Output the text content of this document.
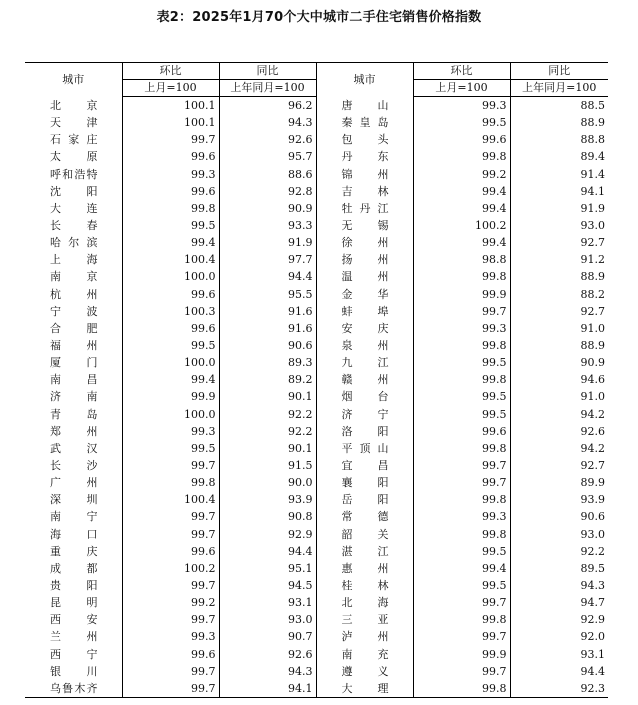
表2：2025年1月70个大中城市二手住宅销售价格指数
城市	环比	同比	城市	环比	同比
	上月=100	上年同月=100		上月=100	上年同月=100
北京	100.1	96.2	唐山	99.3	88.5
天津	100.1	94.3	秦皇岛	99.5	88.9
石家庄	99.7	92.6	包头	99.6	88.8
太原	99.6	95.7	丹东	99.8	89.4
呼和浩特	99.3	88.6	锦州	99.2	91.4
沈阳	99.6	92.8	吉林	99.4	94.1
大连	99.8	90.9	牡丹江	99.4	91.9
长春	99.5	93.3	无锡	100.2	93.0
哈尔滨	99.4	91.9	徐州	99.4	92.7
上海	100.4	97.7	扬州	98.8	91.2
南京	100.0	94.4	温州	99.8	88.9
杭州	99.6	95.5	金华	99.9	88.2
宁波	100.3	91.6	蚌埠	99.7	92.7
合肥	99.6	91.6	安庆	99.3	91.0
福州	99.5	90.6	泉州	99.8	88.9
厦门	100.0	89.3	九江	99.5	90.9
南昌	99.4	89.2	赣州	99.8	94.6
济南	99.9	90.1	烟台	99.5	91.0
青岛	100.0	92.2	济宁	99.5	94.2
郑州	99.3	92.2	洛阳	99.6	92.6
武汉	99.5	90.1	平顶山	99.8	94.2
长沙	99.7	91.5	宜昌	99.7	92.7
广州	99.8	90.0	襄阳	99.7	89.9
深圳	100.4	93.9	岳阳	99.8	93.9
南宁	99.7	90.8	常德	99.3	90.6
海口	99.7	92.9	韶关	99.8	93.0
重庆	99.6	94.4	湛江	99.5	92.2
成都	100.2	95.1	惠州	99.4	89.5
贵阳	99.7	94.5	桂林	99.5	94.3
昆明	99.2	93.1	北海	99.7	94.7
西安	99.7	93.0	三亚	99.8	92.9
兰州	99.3	90.7	泸州	99.7	92.0
西宁	99.6	92.6	南充	99.9	93.1
银川	99.7	94.3	遵义	99.7	94.4
乌鲁木齐	99.7	94.1	大理	99.8	92.3
